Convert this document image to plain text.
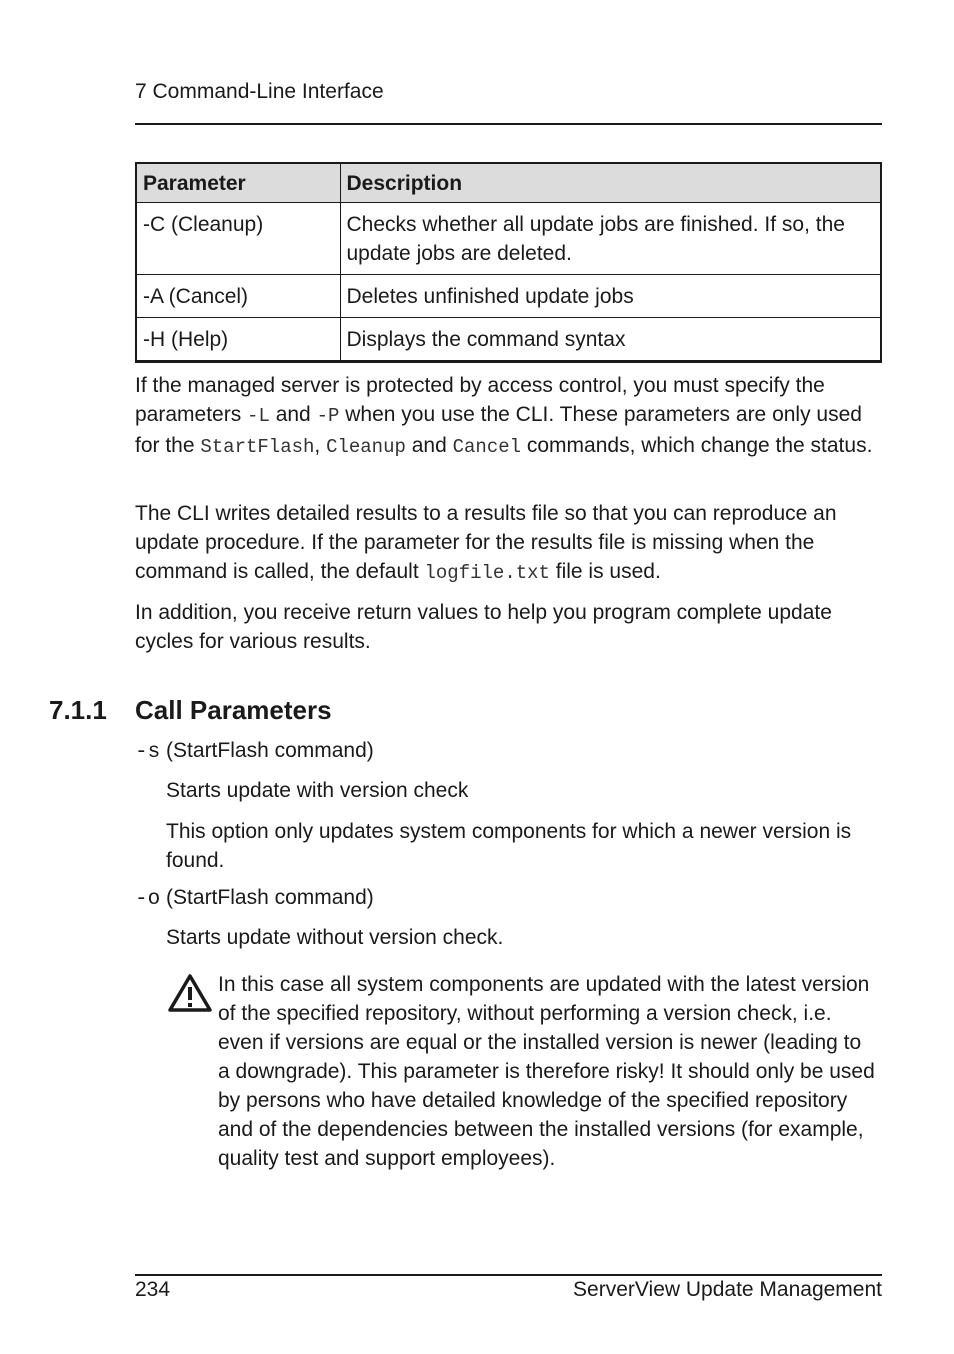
7 Command-Line Interface
Parameter	Description
-C (Cleanup)	Checks whether all update jobs are finished. If so, the update jobs are deleted.
-A (Cancel)	Deletes unfinished update jobs
-H (Help)	Displays the command syntax

If the managed server is protected by access control, you must specify the parameters -L and -P when you use the CLI. These parameters are only used for the StartFlash, Cleanup and Cancel commands, which change the status.

The CLI writes detailed results to a results file so that you can reproduce an update procedure. If the parameter for the results file is missing when the command is called, the default logfile.txt file is used.

In addition, you receive return values to help you program complete update cycles for various results.

7.1.1 Call Parameters
-s (StartFlash command)

Starts update with version check

This option only updates system components for which a newer version is found.

-o (StartFlash command)

Starts update without version check.

In this case all system components are updated with the latest version of the specified repository, without performing a version check, i.e. even if versions are equal or the installed version is newer (leading to a downgrade). This parameter is therefore risky! It should only be used by persons who have detailed knowledge of the specified repository and of the dependencies between the installed versions (for example, quality test and support employees).

234	ServerView Update Management
